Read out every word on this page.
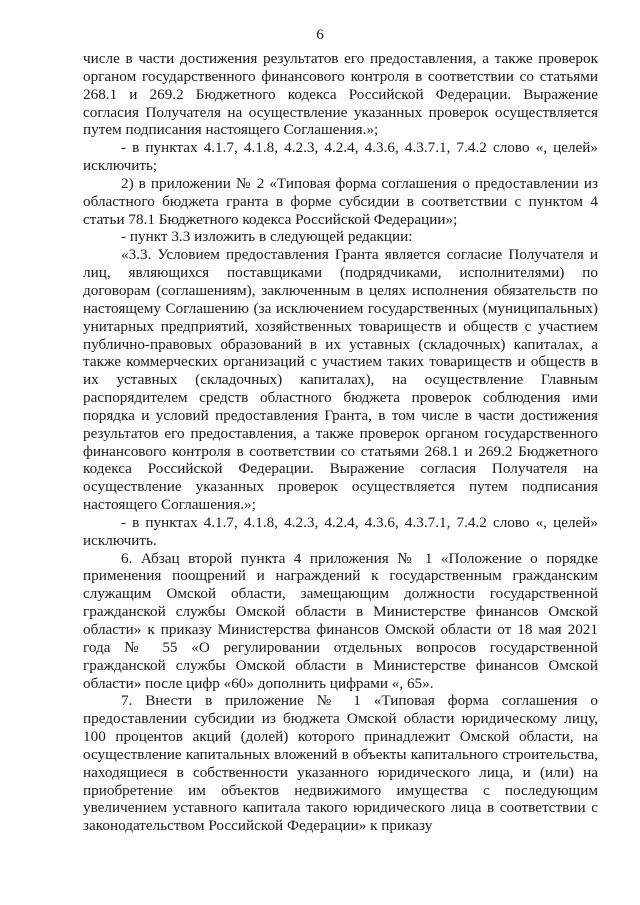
6

числе в части достижения результатов его предоставления, а также проверок органом государственного финансового контроля в соответствии со статьями 268.1 и 269.2 Бюджетного кодекса Российской Федерации. Выражение согласия Получателя на осуществление указанных проверок осуществляется путем подписания настоящего Соглашения.»;

- в пунктах 4.1.7, 4.1.8, 4.2.3, 4.2.4, 4.3.6, 4.3.7.1, 7.4.2 слово «, целей» исключить;

2) в приложении № 2 «Типовая форма соглашения о предоставлении из областного бюджета гранта в форме субсидии в соответствии с пунктом 4 статьи 78.1 Бюджетного кодекса Российской Федерации»;

- пункт 3.3 изложить в следующей редакции:

«3.3. Условием предоставления Гранта является согласие Получателя и лиц, являющихся поставщиками (подрядчиками, исполнителями) по договорам (соглашениям), заключенным в целях исполнения обязательств по настоящему Соглашению (за исключением государственных (муниципальных) унитарных предприятий, хозяйственных товариществ и обществ с участием публично-правовых образований в их уставных (складочных) капиталах, а также коммерческих организаций с участием таких товариществ и обществ в их уставных (складочных) капиталах), на осуществление Главным распорядителем средств областного бюджета проверок соблюдения ими порядка и условий предоставления Гранта, в том числе в части достижения результатов его предоставления, а также проверок органом государственного финансового контроля в соответствии со статьями 268.1 и 269.2 Бюджетного кодекса Российской Федерации. Выражение согласия Получателя на осуществление указанных проверок осуществляется путем подписания настоящего Соглашения.»;

- в пунктах 4.1.7, 4.1.8, 4.2.3, 4.2.4, 4.3.6, 4.3.7.1, 7.4.2 слово «, целей» исключить.

6. Абзац второй пункта 4 приложения № 1 «Положение о порядке применения поощрений и награждений к государственным гражданским служащим Омской области, замещающим должности государственной гражданской службы Омской области в Министерстве финансов Омской области» к приказу Министерства финансов Омской области от 18 мая 2021 года № 55 «О регулировании отдельных вопросов государственной гражданской службы Омской области в Министерстве финансов Омской области» после цифр «60» дополнить цифрами «, 65».

7. Внести в приложение № 1 «Типовая форма соглашения о предоставлении субсидии из бюджета Омской области юридическому лицу, 100 процентов акций (долей) которого принадлежит Омской области, на осуществление капитальных вложений в объекты капитального строительства, находящиеся в собственности указанного юридического лица, и (или) на приобретение им объектов недвижимого имущества с последующим увеличением уставного капитала такого юридического лица в соответствии с законодательством Российской Федерации» к приказу
